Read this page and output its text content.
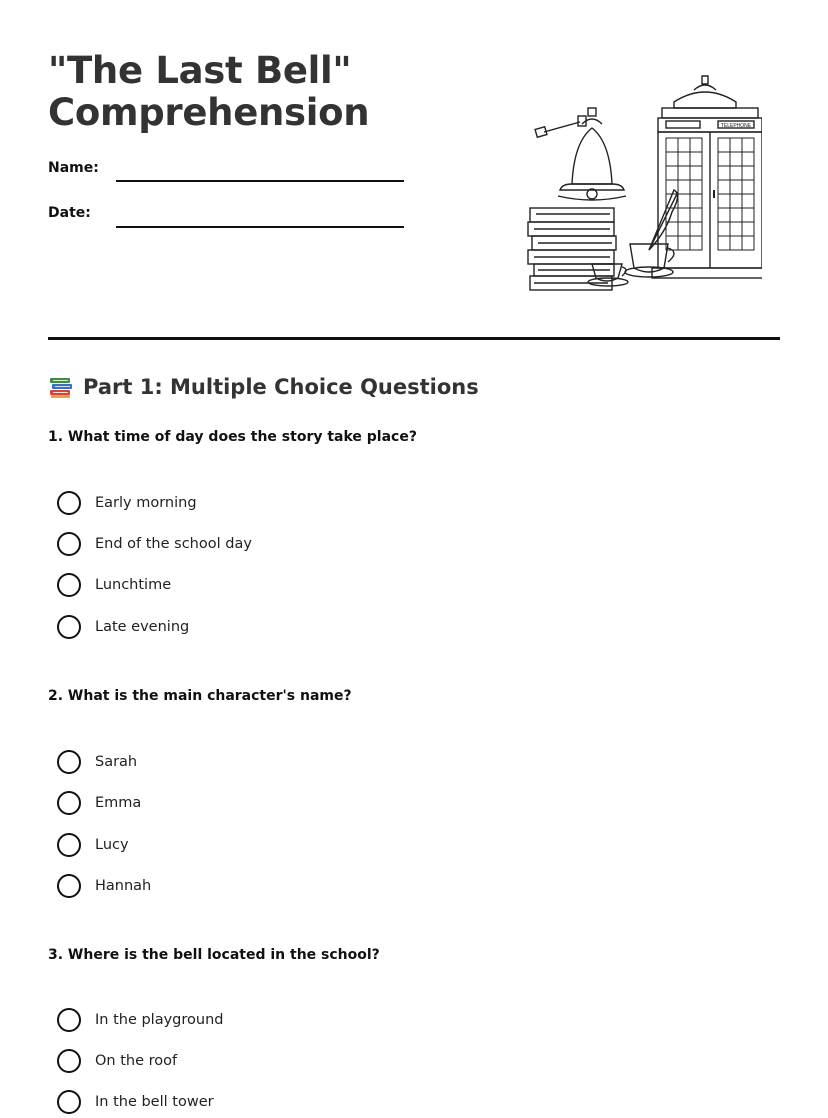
"The Last Bell"
Comprehension
Name:
Date:
TELEPHONE
Part 1: Multiple Choice Questions

1. What time of day does the story take place?

Early morning
End of the school day
Lunchtime
Late evening

2. What is the main character's name?

Sarah
Emma
Lucy
Hannah

3. Where is the bell located in the school?

In the playground
On the roof
In the bell tower
